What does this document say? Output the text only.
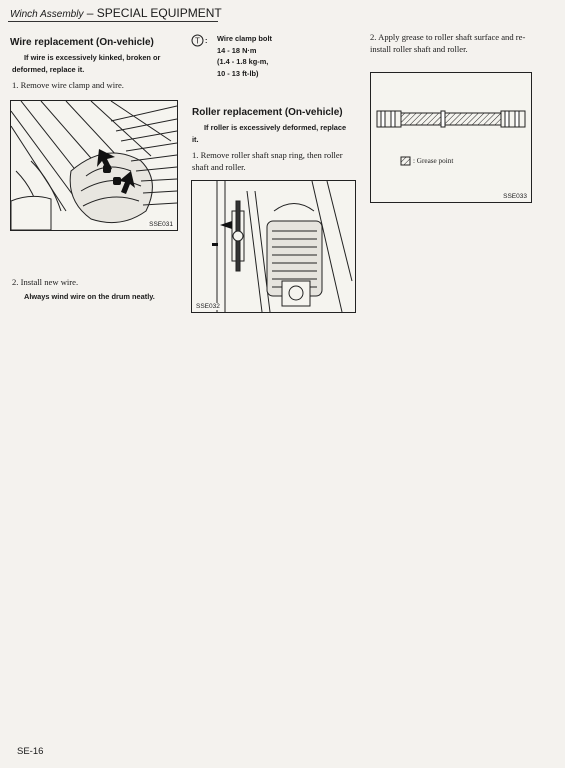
Winch Assembly – SPECIAL EQUIPMENT
Wire replacement (On-vehicle)
If wire is excessively kinked, broken or deformed, replace it.
1. Remove wire clamp and wire.
SSE031
2. Install new wire.
Always wind wire on the drum neatly.
T : Wire clamp bolt
14 - 18 N·m
(1.4 - 1.8 kg-m,
10 - 13 ft-lb)
Roller replacement (On-vehicle)
If roller is excessively deformed, replace it.
1. Remove roller shaft snap ring, then roller shaft and roller.
SSE032
2. Apply grease to roller shaft surface and re-install roller shaft and roller.
: Grease point
SSE033
SE-16
